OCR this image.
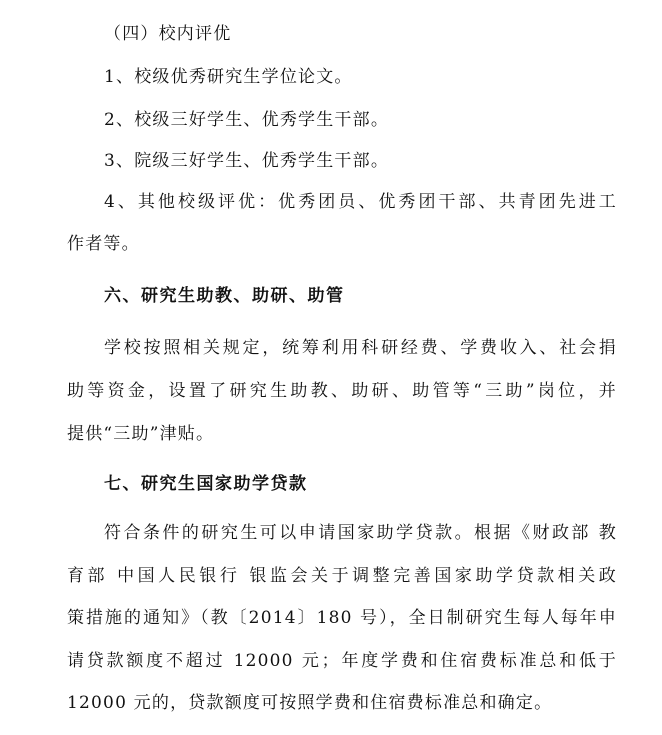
（四）校内评优
1、校级优秀研究生学位论文。
2、校级三好学生、优秀学生干部。
3、院级三好学生、优秀学生干部。
4、其他校级评优：优秀团员、优秀团干部、共青团先进工
作者等。
六、研究生助教、助研、助管
学校按照相关规定，统筹利用科研经费、学费收入、社会捐
助等资金，设置了研究生助教、助研、助管等“三助”岗位，并
提供“三助”津贴。
七、研究生国家助学贷款
符合条件的研究生可以申请国家助学贷款。根据《财政部 教
育部 中国人民银行 银监会关于调整完善国家助学贷款相关政
策措施的通知》（教〔2014〕180 号），全日制研究生每人每年申
请贷款额度不超过 12000 元；年度学费和住宿费标准总和低于
12000 元的，贷款额度可按照学费和住宿费标准总和确定。
